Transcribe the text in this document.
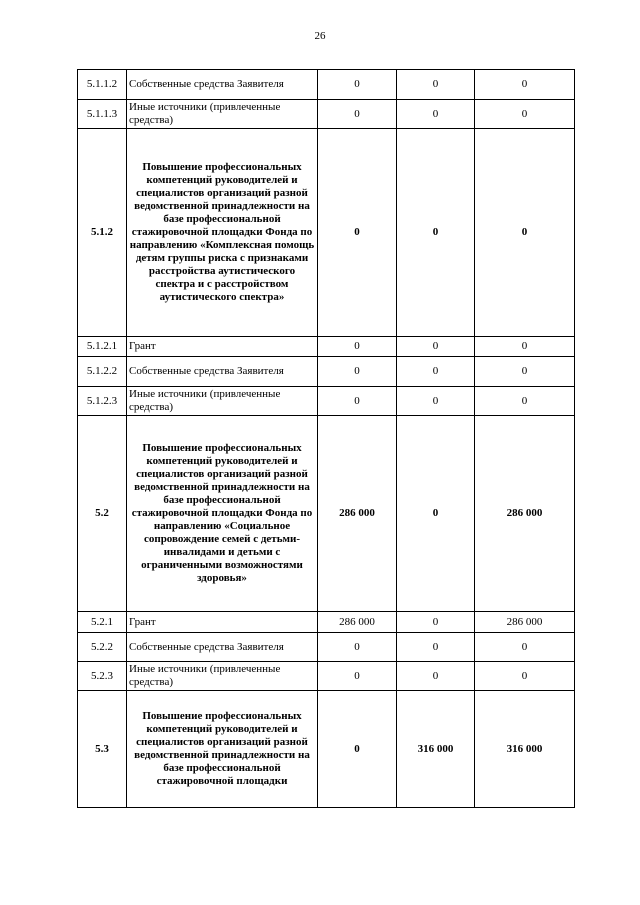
26
5.1.1.2	Собственные средства Заявителя	0	0	0
5.1.1.3	Иные источники (привлеченные средства)	0	0	0
5.1.2	Повышение профессиональных компетенций руководителей и специалистов организаций разной ведомственной принадлежности на базе профессиональной стажировочной площадки Фонда по направлению «Комплексная помощь детям группы риска с признаками расстройства аутистического спектра и с расстройством аутистического спектра»	0	0	0
5.1.2.1	Грант	0	0	0
5.1.2.2	Собственные средства Заявителя	0	0	0
5.1.2.3	Иные источники (привлеченные средства)	0	0	0
5.2	Повышение профессиональных компетенций руководителей и специалистов организаций разной ведомственной принадлежности на базе профессиональной стажировочной площадки Фонда по направлению «Социальное сопровождение семей с детьми-инвалидами и детьми с ограниченными возможностями здоровья»	286 000	0	286 000
5.2.1	Грант	286 000	0	286 000
5.2.2	Собственные средства Заявителя	0	0	0
5.2.3	Иные источники (привлеченные средства)	0	0	0
5.3	Повышение профессиональных компетенций руководителей и специалистов организаций разной ведомственной принадлежности на базе профессиональной стажировочной площадки	0	316 000	316 000
